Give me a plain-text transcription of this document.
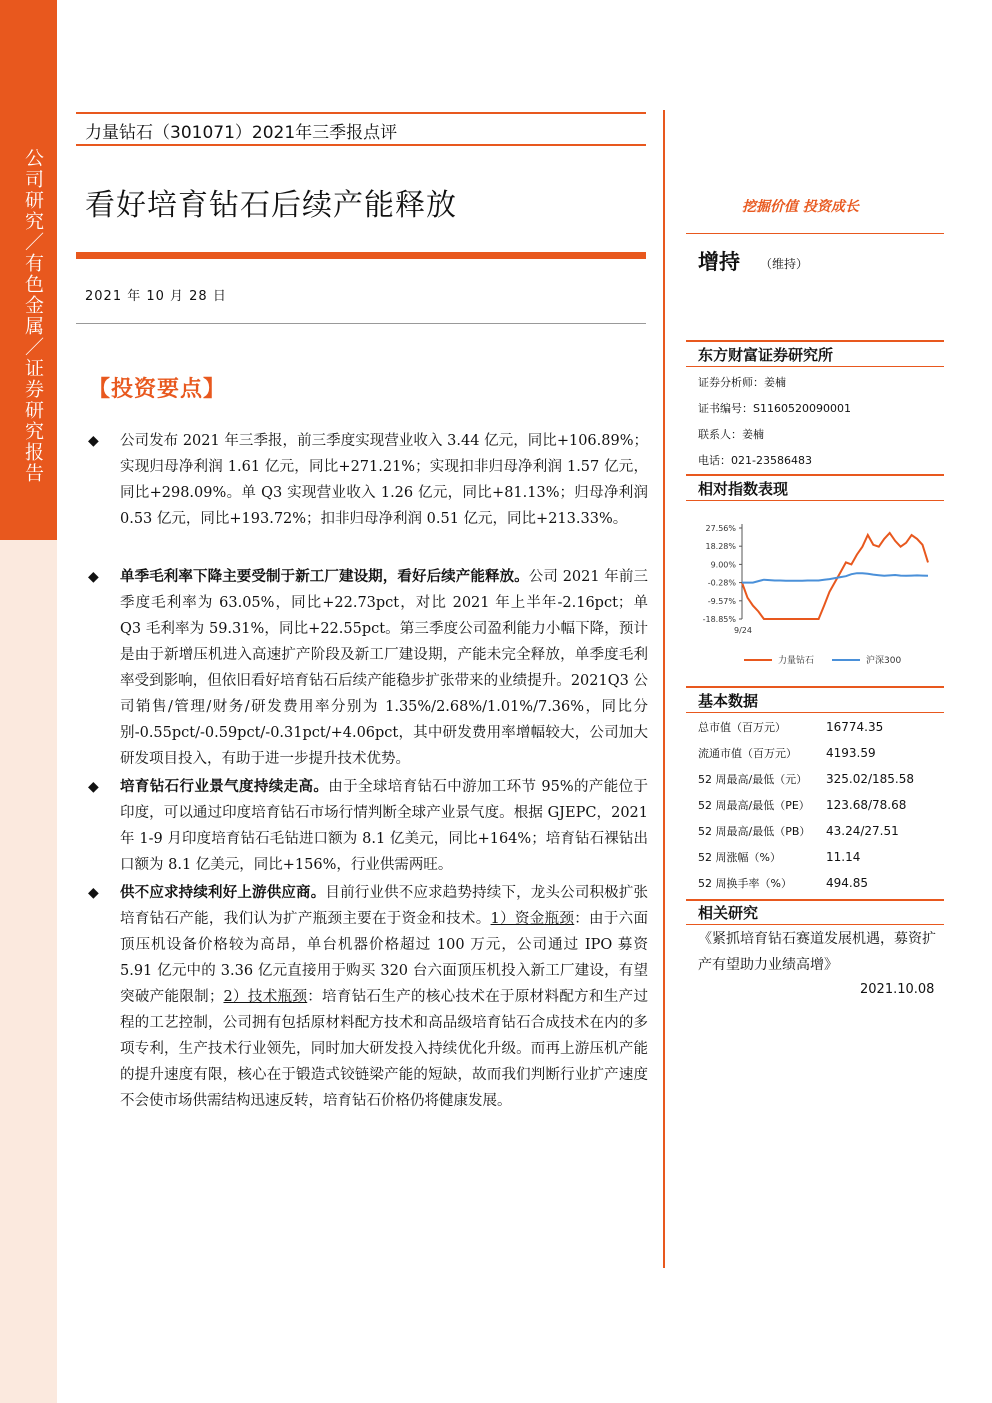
公司研究／有色金属／证券研究报告
力量钻石（301071）2021年三季报点评
看好培育钻石后续产能释放
2021 年 10 月 28 日
【投资要点】
◆ 公司发布 2021 年三季报，前三季度实现营业收入 3.44 亿元，同比+106.89%；实现归母净利润 1.61 亿元，同比+271.21%；实现扣非归母净利润 1.57 亿元，同比+298.09%。单 Q3 实现营业收入 1.26 亿元，同比+81.13%；归母净利润 0.53 亿元，同比+193.72%；扣非归母净利润 0.51 亿元，同比+213.33%。
◆ 单季毛利率下降主要受制于新工厂建设期，看好后续产能释放。公司 2021 年前三季度毛利率为 63.05%，同比+22.73pct，对比 2021 年上半年-2.16pct；单 Q3 毛利率为 59.31%，同比+22.55pct。第三季度公司盈利能力小幅下降，预计是由于新增压机进入高速扩产阶段及新工厂建设期，产能未完全释放，单季度毛利率受到影响，但依旧看好培育钻石后续产能稳步扩张带来的业绩提升。2021Q3 公司销售/管理/财务/研发费用率分别为 1.35%/2.68%/1.01%/7.36%，同比分别-0.55pct/-0.59pct/-0.31pct/+4.06pct，其中研发费用率增幅较大，公司加大研发项目投入，有助于进一步提升技术优势。
◆ 培育钻石行业景气度持续走高。由于全球培育钻石中游加工环节 95%的产能位于印度，可以通过印度培育钻石市场行情判断全球产业景气度。根据 GJEPC，2021 年 1-9 月印度培育钻石毛钻进口额为 8.1 亿美元，同比+164%；培育钻石裸钻出口额为 8.1 亿美元，同比+156%，行业供需两旺。
◆ 供不应求持续利好上游供应商。目前行业供不应求趋势持续下，龙头公司积极扩张培育钻石产能，我们认为扩产瓶颈主要在于资金和技术。1）资金瓶颈：由于六面顶压机设备价格较为高昂，单台机器价格超过 100 万元，公司通过 IPO 募资 5.91 亿元中的 3.36 亿元直接用于购买 320 台六面顶压机投入新工厂建设，有望突破产能限制；2）技术瓶颈：培育钻石生产的核心技术在于原材料配方和生产过程的工艺控制，公司拥有包括原材料配方技术和高品级培育钻石合成技术在内的多项专利，生产技术行业领先，同时加大研发投入持续优化升级。而再上游压机产能的提升速度有限，核心在于锻造式铰链梁产能的短缺，故而我们判断行业扩产速度不会使市场供需结构迅速反转，培育钻石价格仍将健康发展。
挖掘价值 投资成长
增持 （维持）
东方财富证券研究所
证券分析师：姜楠
证书编号：S1160520090001
联系人：姜楠
电话：021-23586483
相对指数表现
27.56%
18.28%
9.00%
-0.28%
-9.57%
-18.85%
9/24
力量钻石	沪深300
基本数据
总市值（百万元）	16774.35
流通市值（百万元）	4193.59
52 周最高/最低（元）	325.02/185.58
52 周最高/最低（PE）	123.68/78.68
52 周最高/最低（PB）	43.24/27.51
52 周涨幅（%）	11.14
52 周换手率（%）	494.85
相关研究
《紧抓培育钻石赛道发展机遇，募资扩产有望助力业绩高增》
2021.10.08
